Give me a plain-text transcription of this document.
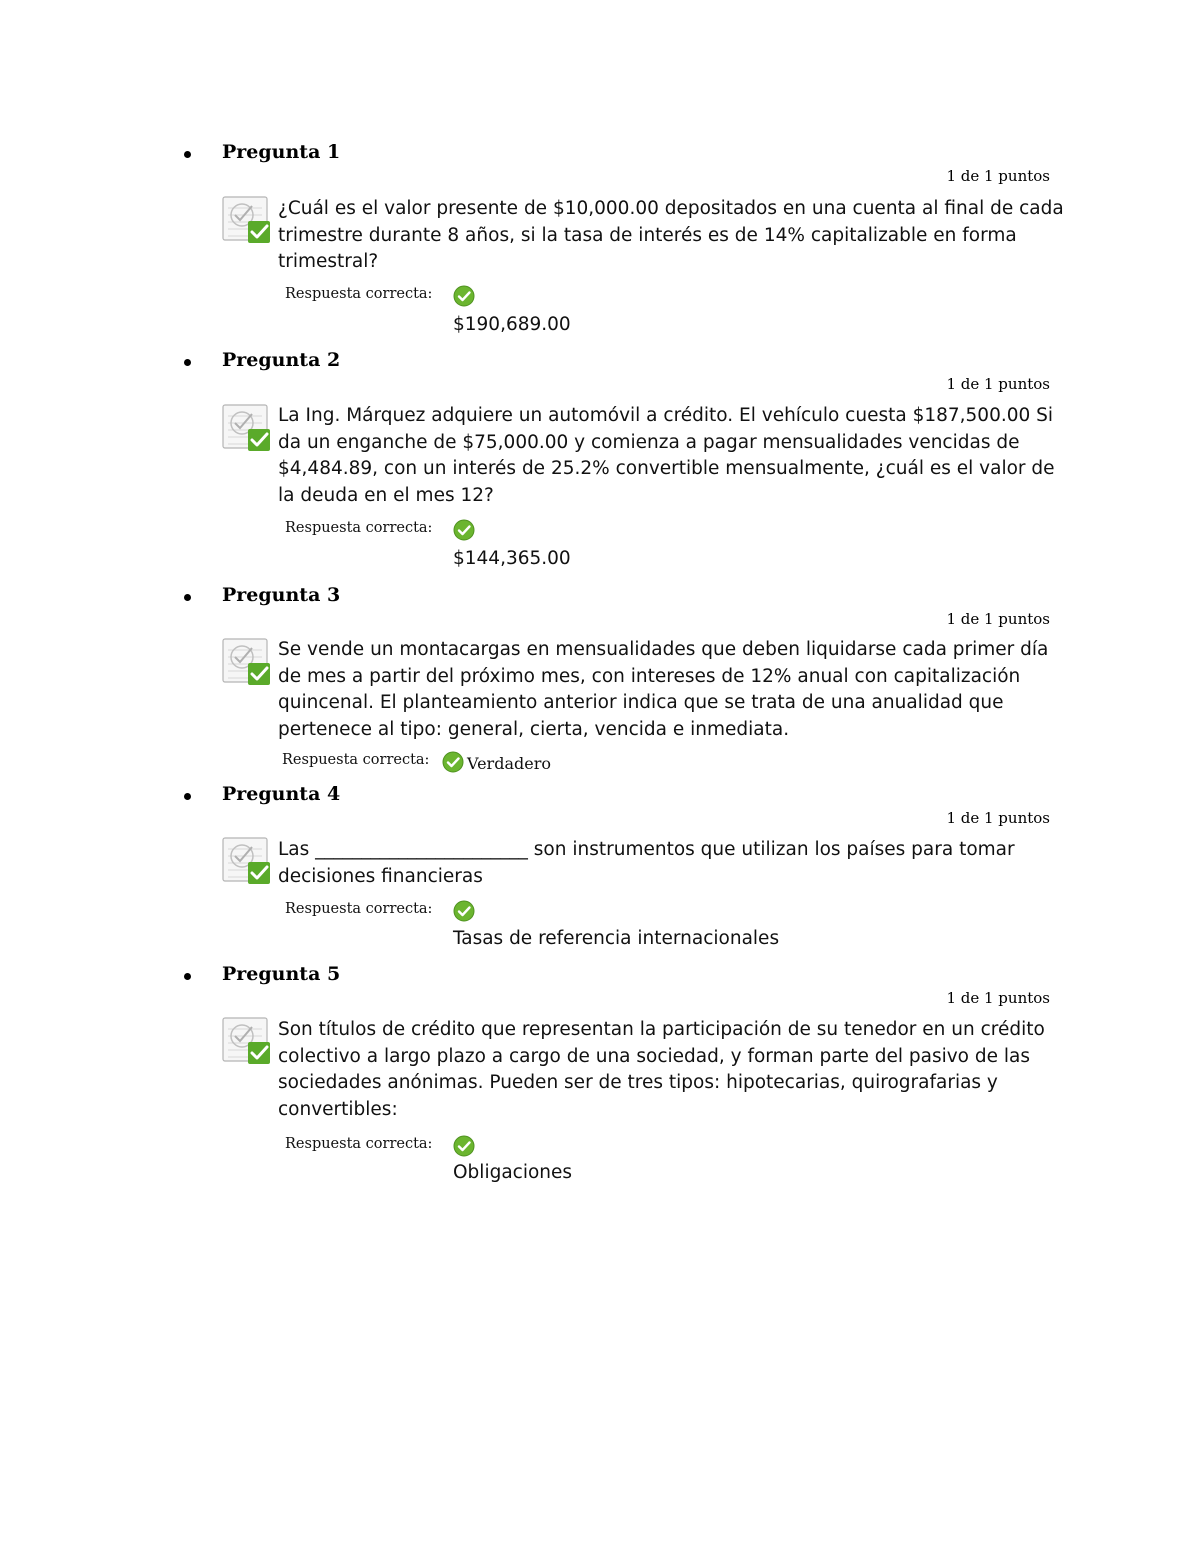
Pregunta 1
1 de 1 puntos
¿Cuál es el valor presente de $10,000.00 depositados en una cuenta al final de cada trimestre durante 8 años, si la tasa de interés es de 14% capitalizable en forma trimestral?
Respuesta correcta:
$190,689.00
Pregunta 2
1 de 1 puntos
La Ing. Márquez adquiere un automóvil a crédito. El vehículo cuesta $187,500.00 Si da un enganche de $75,000.00 y comienza a pagar mensualidades vencidas de $4,484.89, con un interés de 25.2% convertible mensualmente, ¿cuál es el valor de la deuda en el mes 12?
Respuesta correcta:
$144,365.00
Pregunta 3
1 de 1 puntos
Se vende un montacargas en mensualidades que deben liquidarse cada primer día de mes a partir del próximo mes, con intereses de 12% anual con capitalización quincenal. El planteamiento anterior indica que se trata de una anualidad que pertenece al tipo: general, cierta, vencida e inmediata.
Respuesta correcta: Verdadero
Pregunta 4
1 de 1 puntos
Las _______________________ son instrumentos que utilizan los países para tomar decisiones financieras
Respuesta correcta:
Tasas de referencia internacionales
Pregunta 5
1 de 1 puntos
Son títulos de crédito que representan la participación de su tenedor en un crédito colectivo a largo plazo a cargo de una sociedad, y forman parte del pasivo de las sociedades anónimas. Pueden ser de tres tipos: hipotecarias, quirografarias y convertibles:
Respuesta correcta:
Obligaciones
